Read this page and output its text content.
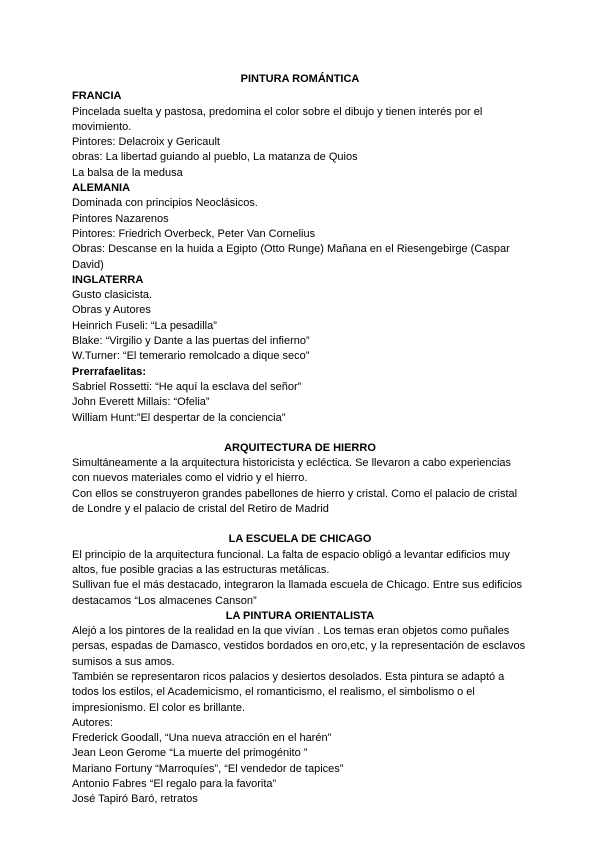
PINTURA ROMÁNTICA
FRANCIA
Pincelada suelta y pastosa, predomina el color sobre el dibujo y tienen interés por el movimiento.
Pintores: Delacroix y Gericault
obras: La libertad guiando al pueblo, La matanza de Quios
La balsa de la medusa
ALEMANIA
Dominada con principios Neoclásicos.
Pintores Nazarenos
Pintores: Friedrich Overbeck, Peter Van Cornelius
Obras: Descanse en la huida a Egipto (Otto Runge) Mañana en el Riesengebirge (Caspar David)
INGLATERRA
Gusto clasicista.
Obras y Autores
Heinrich Fuseli: “La pesadilla”
Blake: “Virgilio y Dante a las puertas del infierno”
W.Turner: “El temerario remolcado a dique seco”
Prerrafaelitas:
Sabriel Rossetti: “He aquí la esclava del señor”
John Everett Millais: “Ofelia”
William Hunt:”El despertar de la conciencia”
ARQUITECTURA DE HIERRO
Simultáneamente a la arquitectura historicista y ecléctica. Se llevaron a cabo experiencias con nuevos materiales como el vidrio y el hierro.
Con ellos se construyeron grandes pabellones de hierro y cristal. Como el palacio de cristal de Londre y el palacio de cristal del Retiro de Madrid
LA ESCUELA DE CHICAGO
El principio de la arquitectura funcional. La falta de espacio obligó a levantar edificios muy altos, fue posible gracias a las estructuras metálicas.
Sullivan fue el más destacado, integraron la llamada escuela de Chicago. Entre sus edificios destacamos “Los almacenes Canson”
LA PINTURA ORIENTALISTA
Alejó a los pintores de la realidad en la que vivían . Los temas eran objetos como puñales persas, espadas de Damasco, vestidos bordados en oro,etc, y la representación de esclavos sumisos a sus amos.
También se representaron ricos palacios y desiertos desolados. Esta pintura se adaptó a todos los estilos, el Academicismo, el romanticismo, el realismo, el simbolismo o el impresionismo. El color es brillante.
Autores:
Frederick Goodall, “Una nueva atracción en el harén”
Jean Leon Gerome “La muerte del primogénito ”
Mariano Fortuny “Marroquíes”, “El vendedor de tapices”
Antonio Fabres “El regalo para la favorita”
José Tapiró Baró, retratos
